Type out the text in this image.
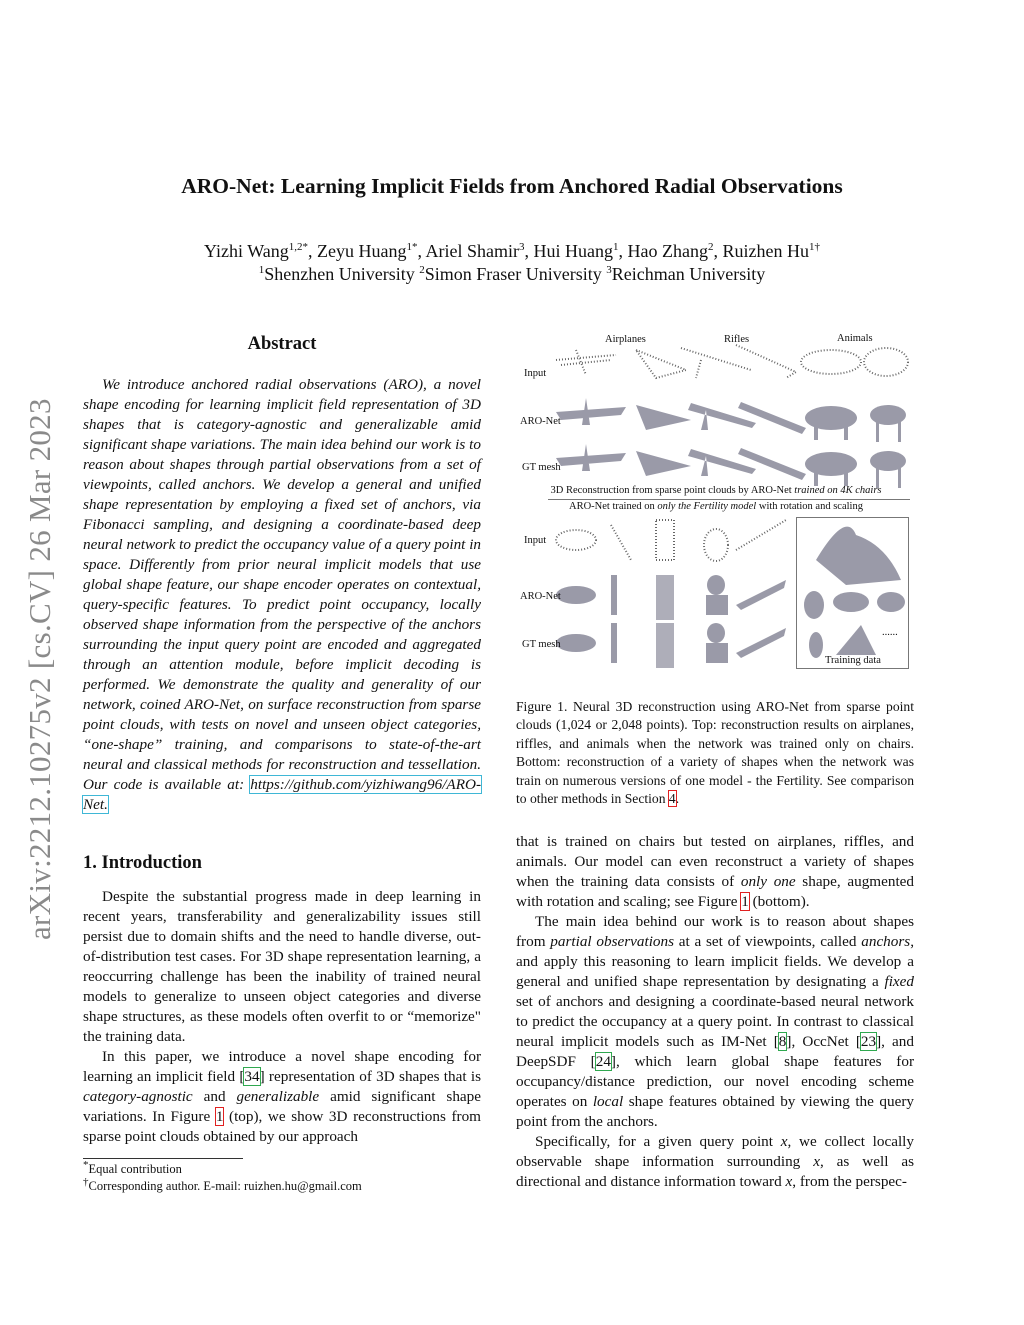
arXiv:2212.10275v2 [cs.CV] 26 Mar 2023
ARO-Net: Learning Implicit Fields from Anchored Radial Observations
Yizhi Wang$^{1,2*}$, Zeyu Huang$^{1*}$, Ariel Shamir$^3$, Hui Huang$^1$, Hao Zhang$^2$, Ruizhen $Hu^{1\dagger}$
$^1$Shenzhen University $^2$Simon Fraser University $^3$Reichman University
Abstract

We introduce anchored radial observations (ARO), a novel shape encoding for learning implicit field representation of 3D shapes that is category-agnostic and generalizable amid significant shape variations. The main idea behind our work is to reason about shapes through partial observations from a set of viewpoints, called anchors. We develop a general and unified shape representation by employing a fixed set of anchors, via Fibonacci sampling, and designing a coordinate-based deep neural network to predict the occupancy value of a query point in space. Differently from prior neural implicit models that use global shape feature, our shape encoder operates on contextual, query-specific features. To predict point occupancy, locally observed shape information from the perspective of the anchors surrounding the input query point are encoded and aggregated through an attention module, before implicit decoding is performed. We demonstrate the quality and generality of our network, coined ARO-Net, on surface reconstruction from sparse point clouds, with tests on novel and unseen object categories, “one-shape” training, and comparisons to state-of-the-art neural and classical methods for reconstruction and tessellation. Our code is available at: https://github.com/yizhiwang96/ARO-Net.

1. Introduction

Despite the substantial progress made in deep learning in recent years, transferability and generalizability issues still persist due to domain shifts and the need to handle diverse, out-of-distribution test cases. For 3D shape representation learning, a reoccurring challenge has been the inability of trained neural models to generalize to unseen object categories and diverse shape structures, as these models often overfit to or “memorize" the training data.

In this paper, we introduce a novel shape encoding for learning an implicit field [34] representation of 3D shapes that is category-agnostic and generalizable amid significant shape variations. In Figure 1 (top), we show 3D reconstructions from sparse point clouds obtained by our approach

*Equal contribution
†Corresponding author. E-mail: ruizhen.hu@gmail.com
Airplanes	Rifles	Animals
Input
ARO-Net
GT mesh
3D Reconstruction from sparse point clouds by ARO-Net trained on 4K chairs
ARO-Net trained on only the Fertility model with rotation and scaling
Input
ARO-Net
GT mesh
......
Training data

Figure 1. Neural 3D reconstruction using ARO-Net from sparse point clouds (1,024 or 2,048 points). Top: reconstruction results on airplanes, riffles, and animals when the network was trained only on chairs. Bottom: reconstruction of a variety of shapes when the network was train on numerous versions of one model - the Fertility. See comparison to other methods in Section 4.

that is trained on chairs but tested on airplanes, riffles, and animals. Our model can even reconstruct a variety of shapes when the training data consists of only one shape, augmented with rotation and scaling; see Figure 1 (bottom).

The main idea behind our work is to reason about shapes from partial observations at a set of viewpoints, called anchors, and apply this reasoning to learn implicit fields. We develop a general and unified shape representation by designating a fixed set of anchors and designing a coordinate-based neural network to predict the occupancy at a query point. In contrast to classical neural implicit models such as IM-Net [8], OccNet [23], and DeepSDF [24], which learn global shape features for occupancy/distance prediction, our novel encoding scheme operates on local shape features obtained by viewing the query point from the anchors.

Specifically, for a given query point x, we collect locally observable shape information surrounding x, as well as directional and distance information toward x, from the perspec-
